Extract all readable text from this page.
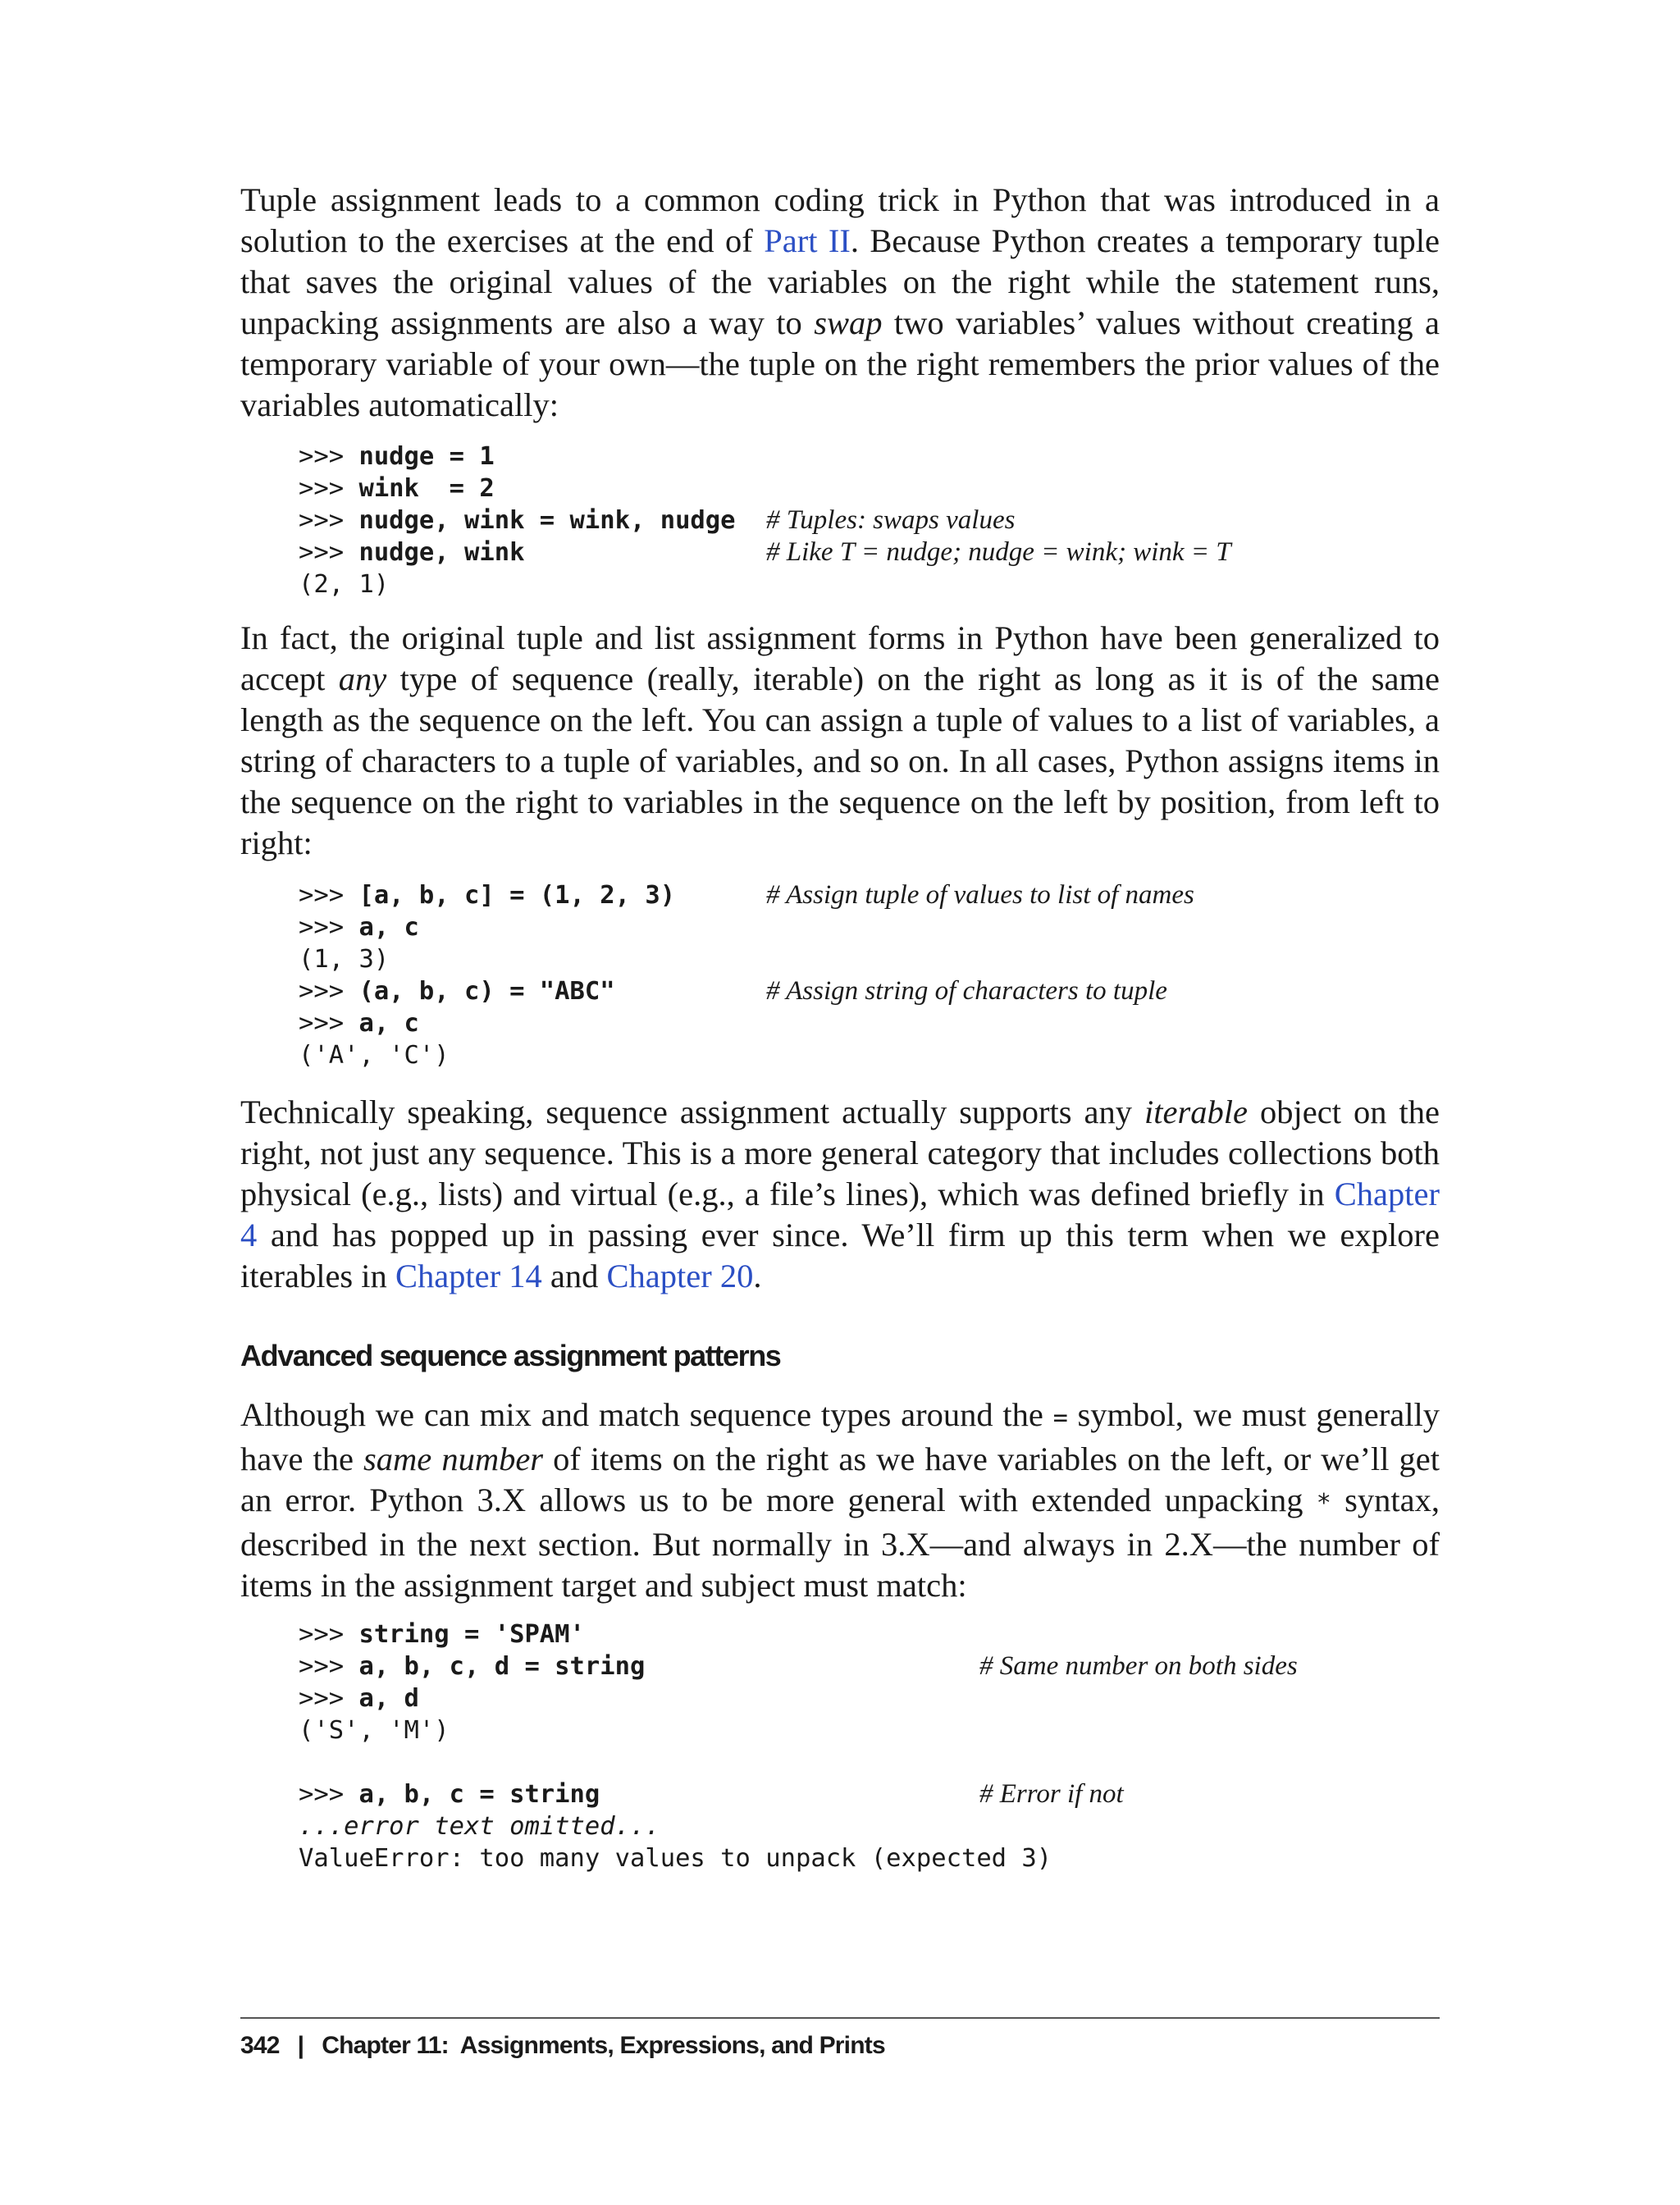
Tuple assignment leads to a common coding trick in Python that was introduced in a solution to the exercises at the end of Part II. Because Python creates a temporary tuple that saves the original values of the variables on the right while the statement runs, unpacking assignments are also a way to swap two variables’ values without creating a temporary variable of your own—the tuple on the right remembers the prior values of the variables automatically:

>>> nudge = 1
>>> wink  = 2
>>> nudge, wink = wink, nudge # Tuples: swaps values
>>> nudge, wink	# Like T = nudge; nudge = wink; wink = T
(2, 1)

In fact, the original tuple and list assignment forms in Python have been generalized to accept any type of sequence (really, iterable) on the right as long as it is of the same length as the sequence on the left. You can assign a tuple of values to a list of variables, a string of characters to a tuple of variables, and so on. In all cases, Python assigns items in the sequence on the right to variables in the sequence on the left by position, from left to right:

>>> [a, b, c] = (1, 2, 3)	# Assign tuple of values to list of names
>>> a, c
(1, 3)
>>> (a, b, c) = "ABC"	# Assign string of characters to tuple
>>> a, c
('A', 'C')

Technically speaking, sequence assignment actually supports any iterable object on the right, not just any sequence. This is a more general category that includes collections both physical (e.g., lists) and virtual (e.g., a file’s lines), which was defined briefly in Chapter 4 and has popped up in passing ever since. We’ll firm up this term when we explore iterables in Chapter 14 and Chapter 20.

Advanced sequence assignment patterns

Although we can mix and match sequence types around the = symbol, we must generally have the same number of items on the right as we have variables on the left, or we’ll get an error. Python 3.X allows us to be more general with extended unpacking * syntax, described in the next section. But normally in 3.X—and always in 2.X—the number of items in the assignment target and subject must match:

>>> string = 'SPAM'
>>> a, b, c, d = string	# Same number on both sides
>>> a, d
('S', 'M')
>>> a, b, c = string	# Error if not
...error text omitted...
ValueError: too many values to unpack (expected 3)
342 | Chapter 11:  Assignments, Expressions, and Prints
